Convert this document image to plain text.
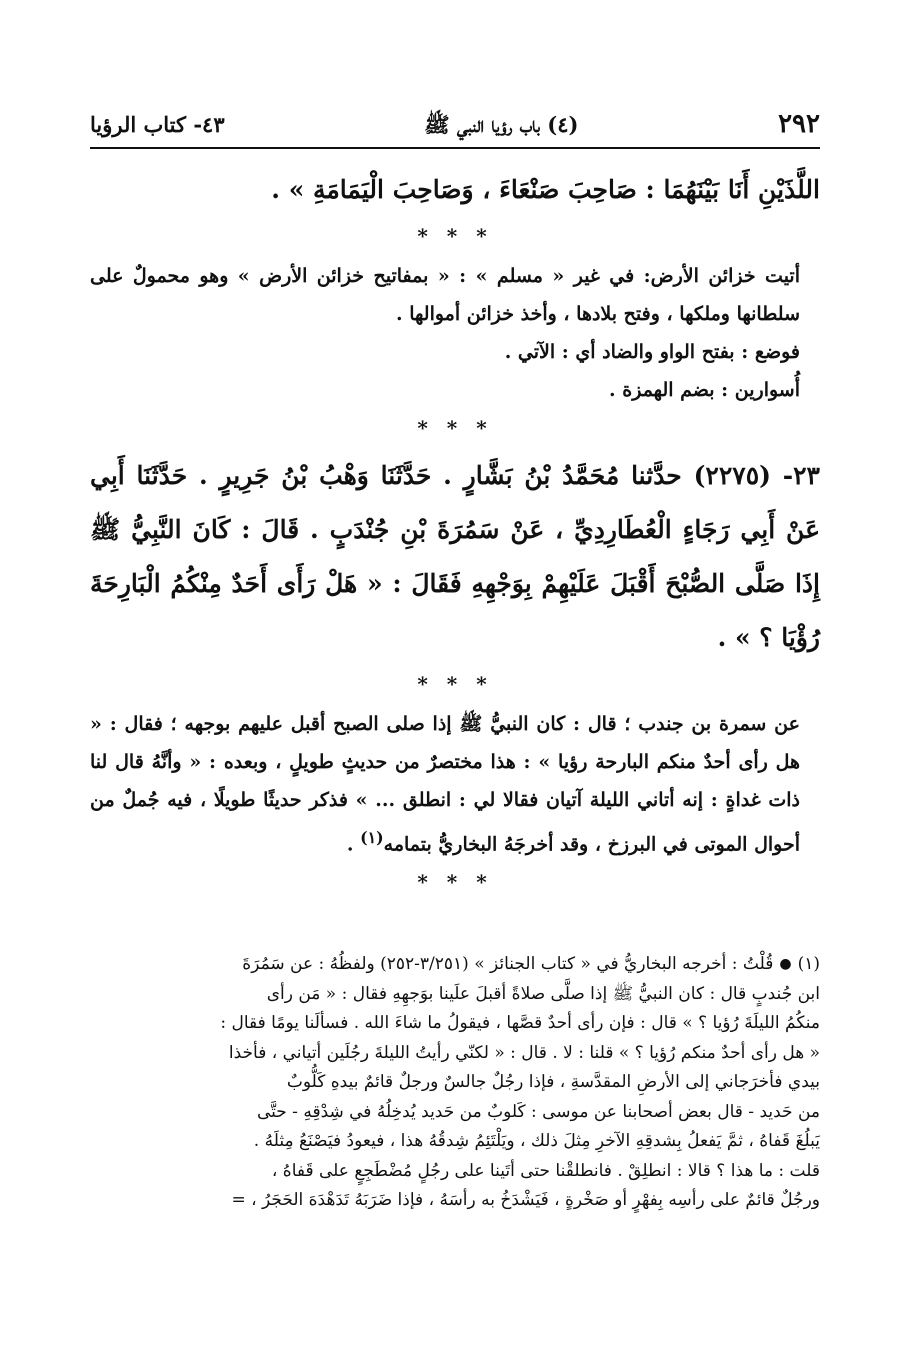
٢٩٢
(٤) باب رؤيا النبي ﷺ
٤٣- كتاب الرؤيا
اللَّذَيْنِ أَنَا بَيْنَهُمَا : صَاحِبَ صَنْعَاءَ ، وَصَاحِبَ الْيَمَامَةِ » .
* * *

أتيت خزائن الأرض: في غير « مسلم » : « بمفاتيح خزائن الأرض » وهو محمولٌ على سلطانها وملكها ، وفتح بلادها ، وأخذ خزائن أموالها .

فوضع : بفتح الواو والضاد أي : الآتي .

أُسوارين : بضم الهمزة .

* * *
٢٣- (٢٢٧٥) حدَّثنا مُحَمَّدُ بْنُ بَشَّارٍ . حَدَّثَنَا وَهْبُ بْنُ جَرِيرٍ . حَدَّثَنَا أَبِي عَنْ أَبِي رَجَاءٍ الْعُطَارِدِيِّ ، عَنْ سَمُرَةَ بْنِ جُنْدَبٍ . قَالَ : كَانَ النَّبِيُّ ﷺ إِذَا صَلَّى الصُّبْحَ أَقْبَلَ عَلَيْهِمْ بِوَجْهِهِ فَقَالَ : « هَلْ رَأَى أَحَدٌ مِنْكُمُ الْبَارِحَةَ رُؤْيَا ؟ » .
* * *

عن سمرة بن جندب ؛ قال : كان النبيُّ ﷺ إذا صلى الصبح أقبل عليهم بوجهه ؛ فقال : « هل رأى أحدٌ منكم البارحة رؤيا » : هذا مختصرٌ من حديثٍ طويلٍ ، وبعده : « وأنَّهُ قال لنا ذات غداةٍ : إنه أتاني الليلة آتيان فقالا لي : انطلق ... » فذكر حديثًا طويلًا ، فيه جُملٌ من أحوال الموتى في البرزخ ، وقد أخرجَهُ البخاريُّ بتمامه$^{(١)}$ .

* * *
(١)
●
قُلْتُ : أخرجه البخاريُّ في « كتاب الجنائز » (٣/٢٥١-٢٥٢) ولفظُهُ : عن سَمُرَةَ
ابن جُندبٍ قال : كان النبيُّ ﷺ إذا صلَّى صلاةً أقبلَ علَينا بوَجهِهِ فقال : « مَن رأى
منكُمُ الليلَةَ رُؤيا ؟ » قال : فإن رأى أحدٌ قصَّها ، فيقولُ ما شاءَ الله . فسألَنا يومًا فقال :
« هل رأى أحدٌ منكم رُؤيا ؟ » قلنا : لا . قال : « لكنّي رأيتُ الليلةَ رجُلَين أتياني ، فأخذا
بيدي فأخرَجاني إلى الأرضِ المقدَّسةِ ، فإذا رجُلٌ جالسٌ ورجلٌ قائمٌ بيدهِ كَلُّوبٌ
من حَديد - قال بعض أصحابنا عن موسى : كَلوبٌ من حَديد يُدخِلُهُ في شِدْقِهِ - حتَّى
يَبلُغَ قَفاهُ ، ثمَّ يَفعلُ بِشدقِهِ الآخرِ مِثلَ ذلك ، ويَلْتَئِمُ شِدقُهُ هذا ، فيعودُ فيَصْنَعُ مِثلَهُ .
قلت : ما هذا ؟ قالا : انطلِقْ . فانطلقْنا حتى أتَينا على رجُلٍ مُضْطَجِعٍ على قَفاهُ ،
ورجُلٌ قائمٌ على رأسِه بِفهْرٍ أو صَخْرةٍ ، فَيَشْدَخُ به رأسَهُ ، فإذا ضَرَبَهُ تَدَهْدَهَ الحَجَرُ ، =
